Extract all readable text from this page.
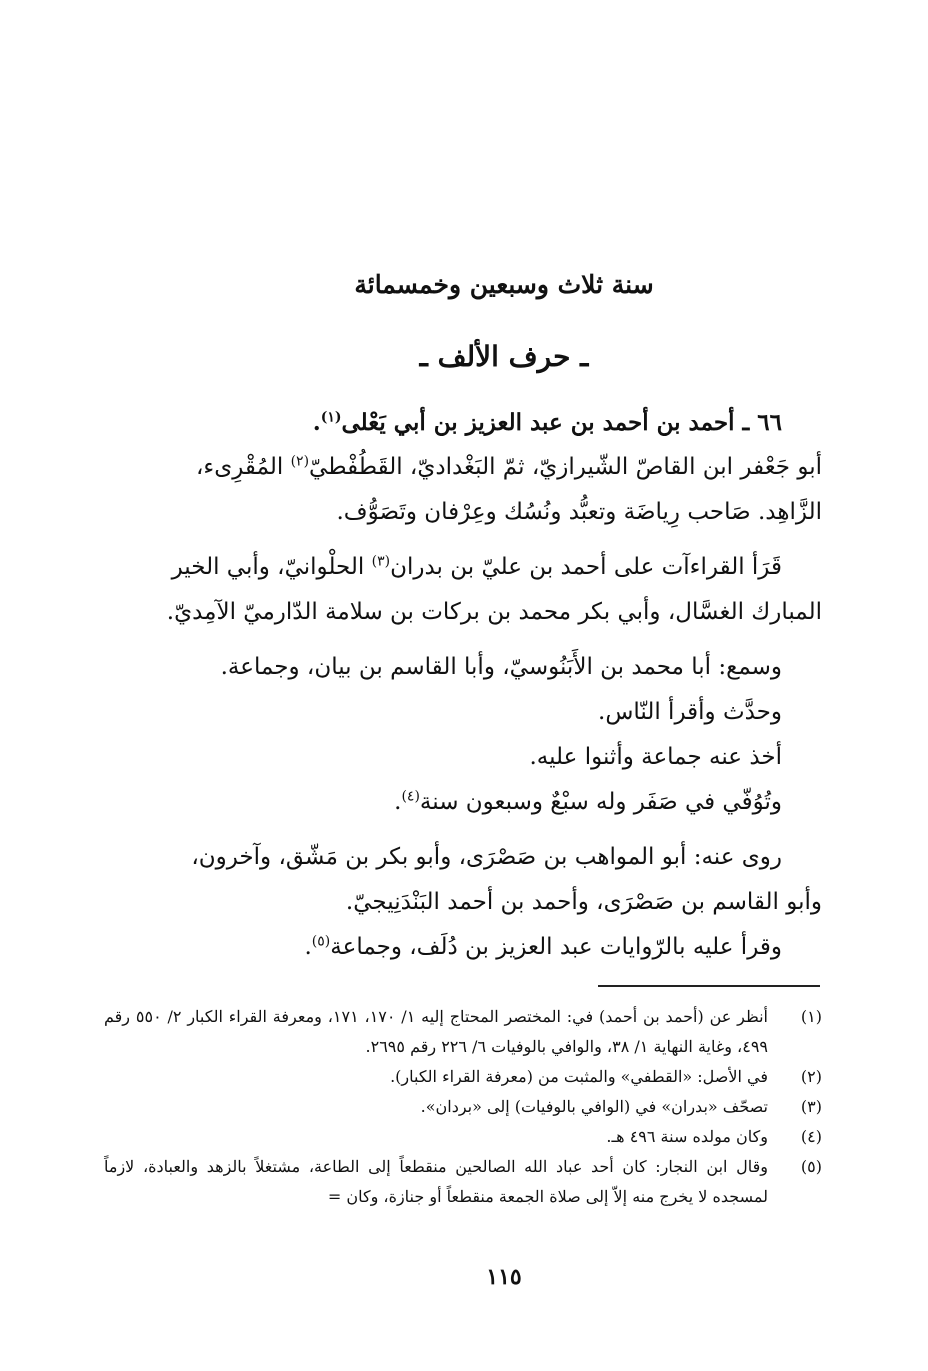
سنة ثلاث وسبعين وخمسمائة
ـ حرف الألف ـ

٦٦ ـ أحمد بن أحمد بن عبد العزيز بن أبي يَعْلى$^{(١)}$.

أبو جَعْفر ابن القاصّ الشّيرازيّ، ثمّ البَغْداديّ، القَطُفْطيّ$^{(٢)}$ المُقْرِىء،

الزَّاهِد. صَاحب رِياضَة وتعبُّد ونُسُك وعِرْفان وتَصَوُّف.

قَرَأ القراءآت على أحمد بن عليّ بن بدران$^{(٣)}$ الحلْوانيّ، وأبي الخير

المبارك الغسَّال، وأبي بكر محمد بن بركات بن سلامة الدّارميّ الآمِديّ.

وسمع: أبا محمد بن الأَبَنُوسيّ، وأبا القاسم بن بيان، وجماعة.

وحدَّث وأقرأ النّاس.

أخذ عنه جماعة وأثنوا عليه.

وتُوُفّي في صَفَر وله سبْعٌ وسبعون سنة$^{(٤)}$.

روى عنه: أبو المواهب بن صَصْرَى، وأبو بكر بن مَشّق، وآخرون،

وأبو القاسم بن صَصْرَى، وأحمد بن أحمد البَنْدَنِيجيّ.

وقرأ عليه بالرّوايات عبد العزيز بن دُلَف، وجماعة$^{(٥)}$.

(١)
أنظر عن (أحمد بن أحمد) في: المختصر المحتاج إليه ١/ ١٧٠، ١٧١، ومعرفة القراء الكبار ٢/ ٥٥٠ رقم ٤٩٩، وغاية النهاية ١/ ٣٨، والوافي بالوفيات ٦/ ٢٢٦ رقم ٢٦٩٥.
(٢)
في الأصل: «القطفي» والمثبت من (معرفة القراء الكبار).
(٣)
تصحّف «بدران» في (الوافي بالوفيات) إلى «بردان».
(٤)
وكان مولده سنة ٤٩٦ هـ.
(٥)
وقال ابن النجار: كان أحد عباد الله الصالحين منقطعاً إلى الطاعة، مشتغلاً بالزهد والعبادة، لازماً لمسجده لا يخرج منه إلاّ إلى صلاة الجمعة منقطعاً أو جنازة، وكان =
١١٥
